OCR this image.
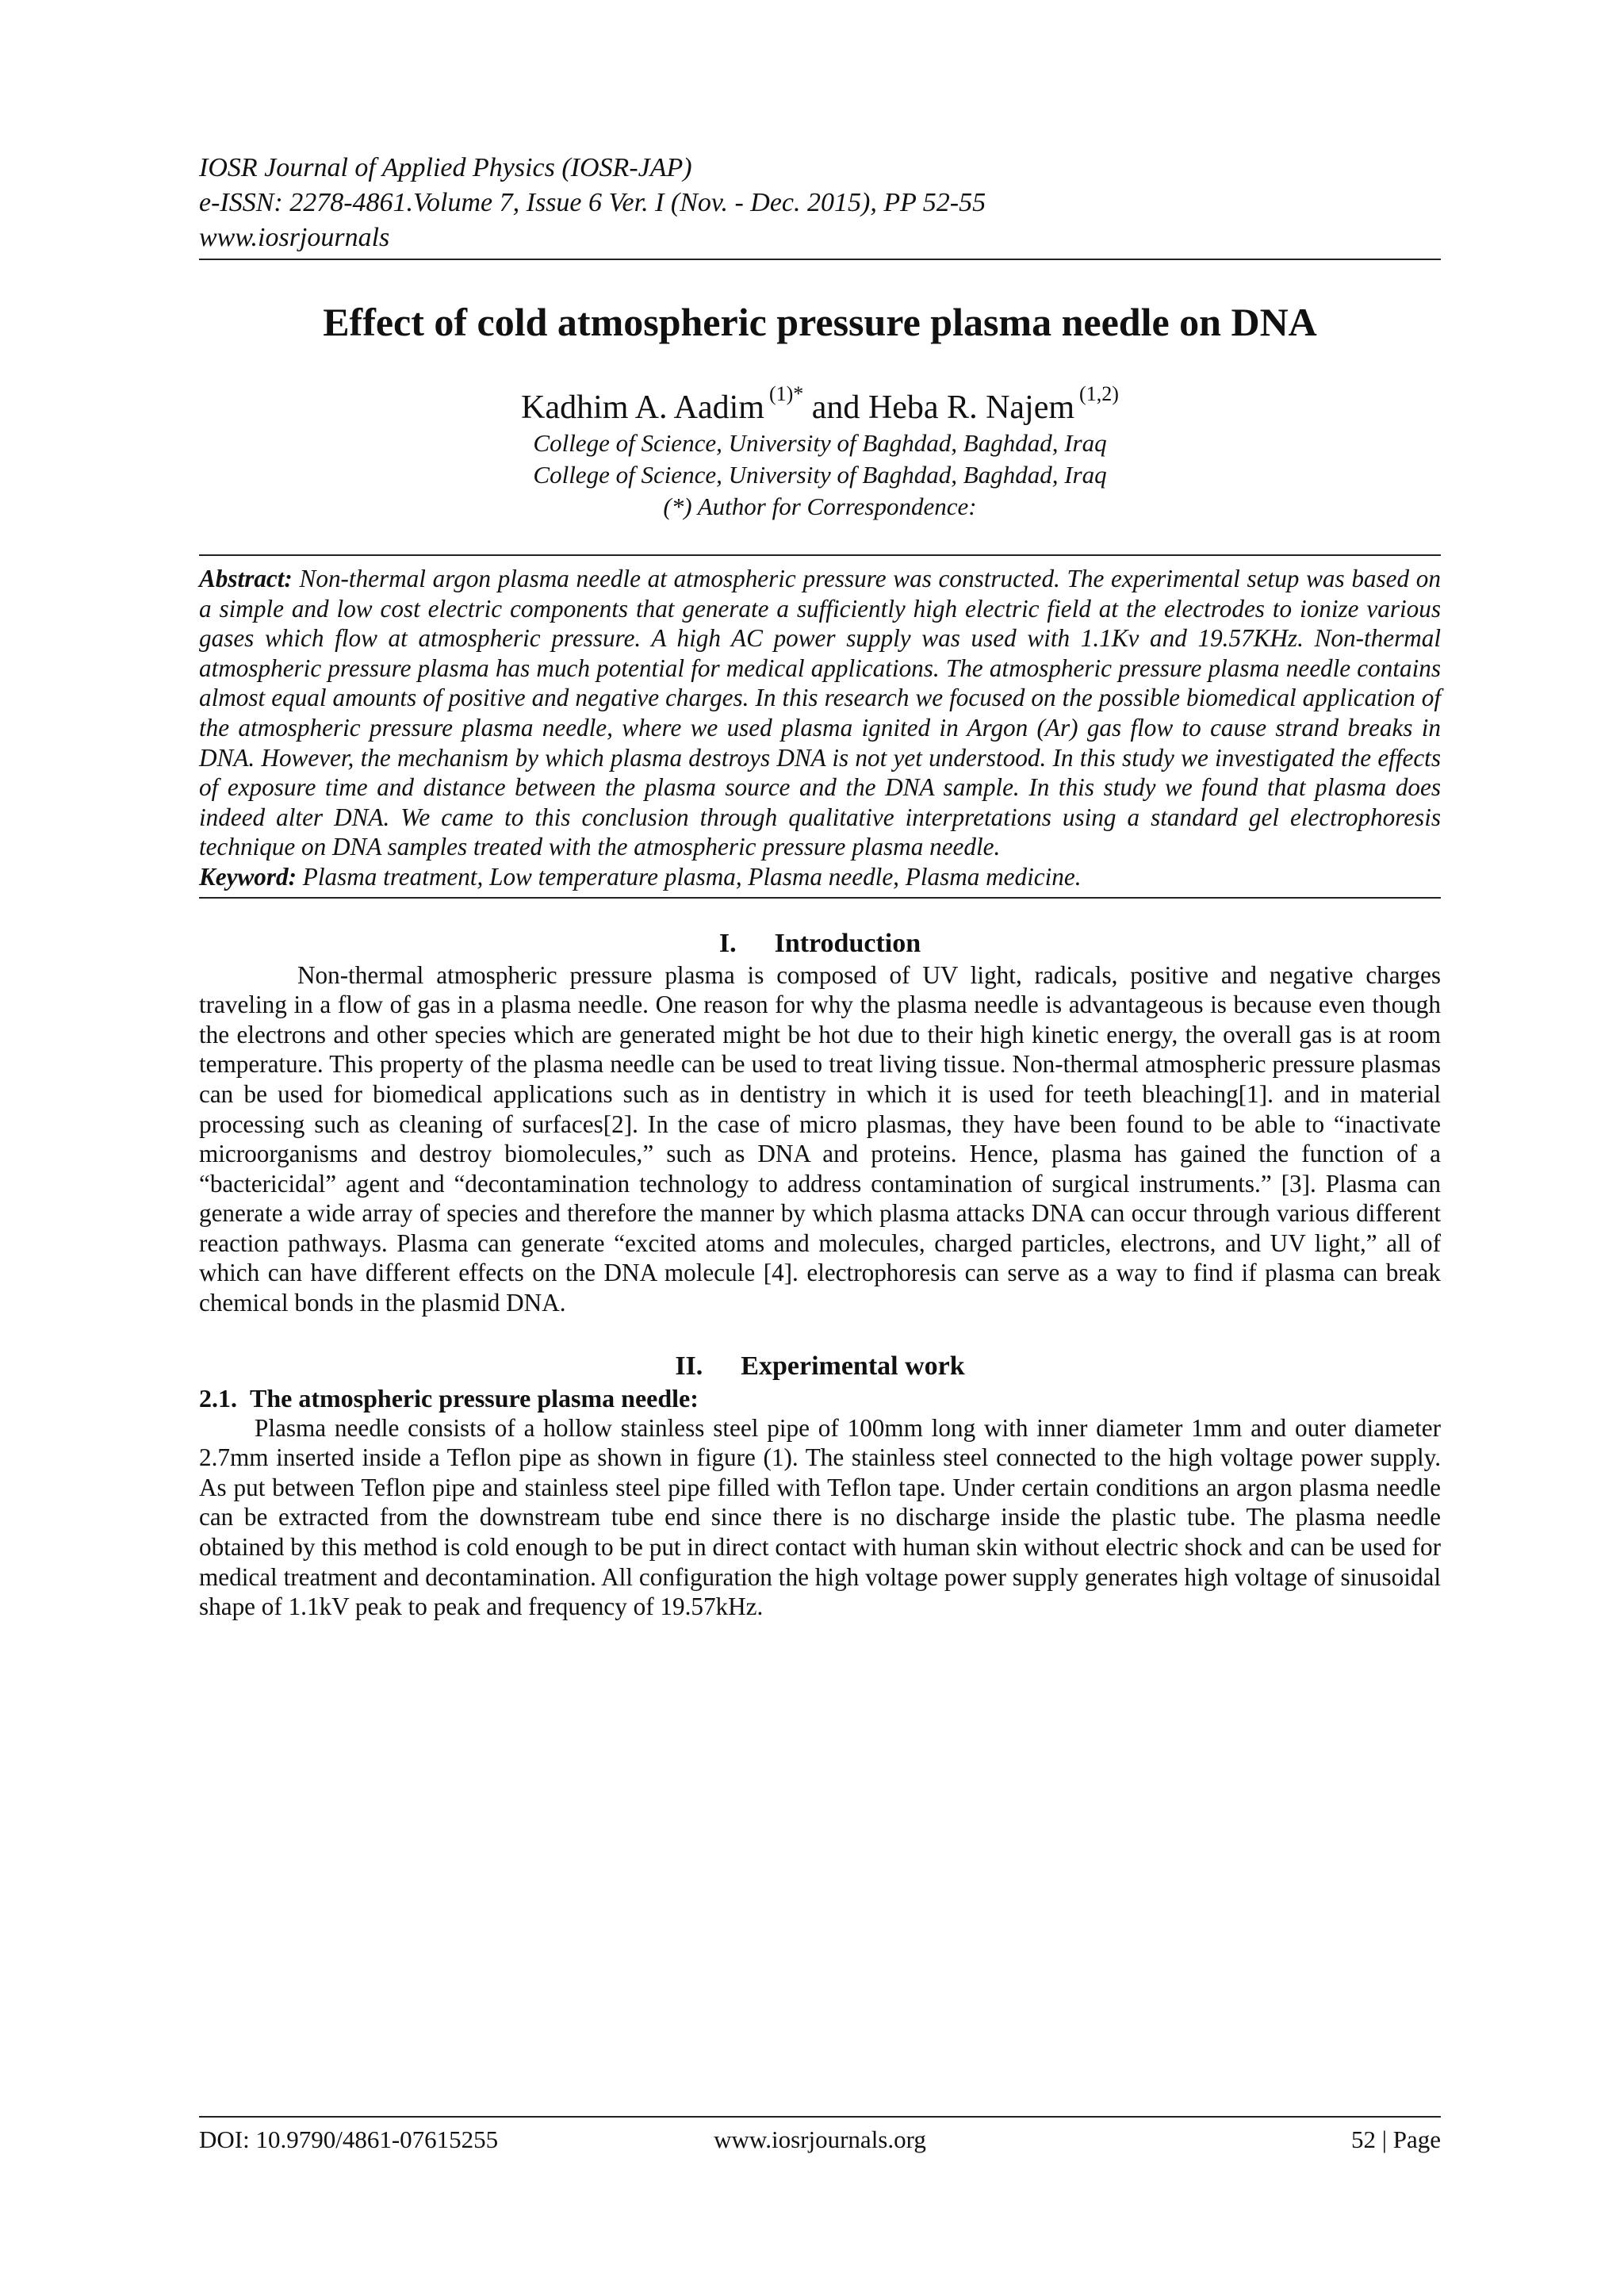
IOSR Journal of Applied Physics (IOSR-JAP)
e-ISSN: 2278-4861.Volume 7, Issue 6 Ver. I (Nov. - Dec. 2015), PP 52-55
www.iosrjournals
Effect of cold atmospheric pressure plasma needle on DNA
Kadhim A. Aadim $^{(1)*}$ and Heba R. Najem $^{(1,2)}$
College of Science, University of Baghdad, Baghdad, Iraq
College of Science, University of Baghdad, Baghdad, Iraq
(*) Author for Correspondence:
Abstract: Non-thermal argon plasma needle at atmospheric pressure was constructed. The experimental setup was based on a simple and low cost electric components that generate a sufficiently high electric field at the electrodes to ionize various gases which flow at atmospheric pressure. A high AC power supply was used with 1.1Kv and 19.57KHz. Non-thermal atmospheric pressure plasma has much potential for medical applications. The atmospheric pressure plasma needle contains almost equal amounts of positive and negative charges. In this research we focused on the possible biomedical application of the atmospheric pressure plasma needle, where we used plasma ignited in Argon (Ar) gas flow to cause strand breaks in DNA. However, the mechanism by which plasma destroys DNA is not yet understood. In this study we investigated the effects of exposure time and distance between the plasma source and the DNA sample. In this study we found that plasma does indeed alter DNA. We came to this conclusion through qualitative interpretations using a standard gel electrophoresis technique on DNA samples treated with the atmospheric pressure plasma needle.
Keyword: Plasma treatment, Low temperature plasma, Plasma needle, Plasma medicine.
I. Introduction

Non-thermal atmospheric pressure plasma is composed of UV light, radicals, positive and negative charges traveling in a flow of gas in a plasma needle. One reason for why the plasma needle is advantageous is because even though the electrons and other species which are generated might be hot due to their high kinetic energy, the overall gas is at room temperature. This property of the plasma needle can be used to treat living tissue. Non-thermal atmospheric pressure plasmas can be used for biomedical applications such as in dentistry in which it is used for teeth bleaching[1]. and in material processing such as cleaning of surfaces[2]. In the case of micro plasmas, they have been found to be able to “inactivate microorganisms and destroy biomolecules,” such as DNA and proteins. Hence, plasma has gained the function of a “bactericidal” agent and “decontamination technology to address contamination of surgical instruments.” [3]. Plasma can generate a wide array of species and therefore the manner by which plasma attacks DNA can occur through various different reaction pathways. Plasma can generate “excited atoms and molecules, charged particles, electrons, and UV light,” all of which can have different effects on the DNA molecule [4]. electrophoresis can serve as a way to find if plasma can break chemical bonds in the plasmid DNA.

II. Experimental work
2.1. The atmospheric pressure plasma needle:

Plasma needle consists of a hollow stainless steel pipe of 100mm long with inner diameter 1mm and outer diameter 2.7mm inserted inside a Teflon pipe as shown in figure (1). The stainless steel connected to the high voltage power supply. As put between Teflon pipe and stainless steel pipe filled with Teflon tape. Under certain conditions an argon plasma needle can be extracted from the downstream tube end since there is no discharge inside the plastic tube. The plasma needle obtained by this method is cold enough to be put in direct contact with human skin without electric shock and can be used for medical treatment and decontamination. All configuration the high voltage power supply generates high voltage of sinusoidal shape of 1.1kV peak to peak and frequency of 19.57kHz.

DOI: 10.9790/4861-07615255	www.iosrjournals.org	52 | Page
